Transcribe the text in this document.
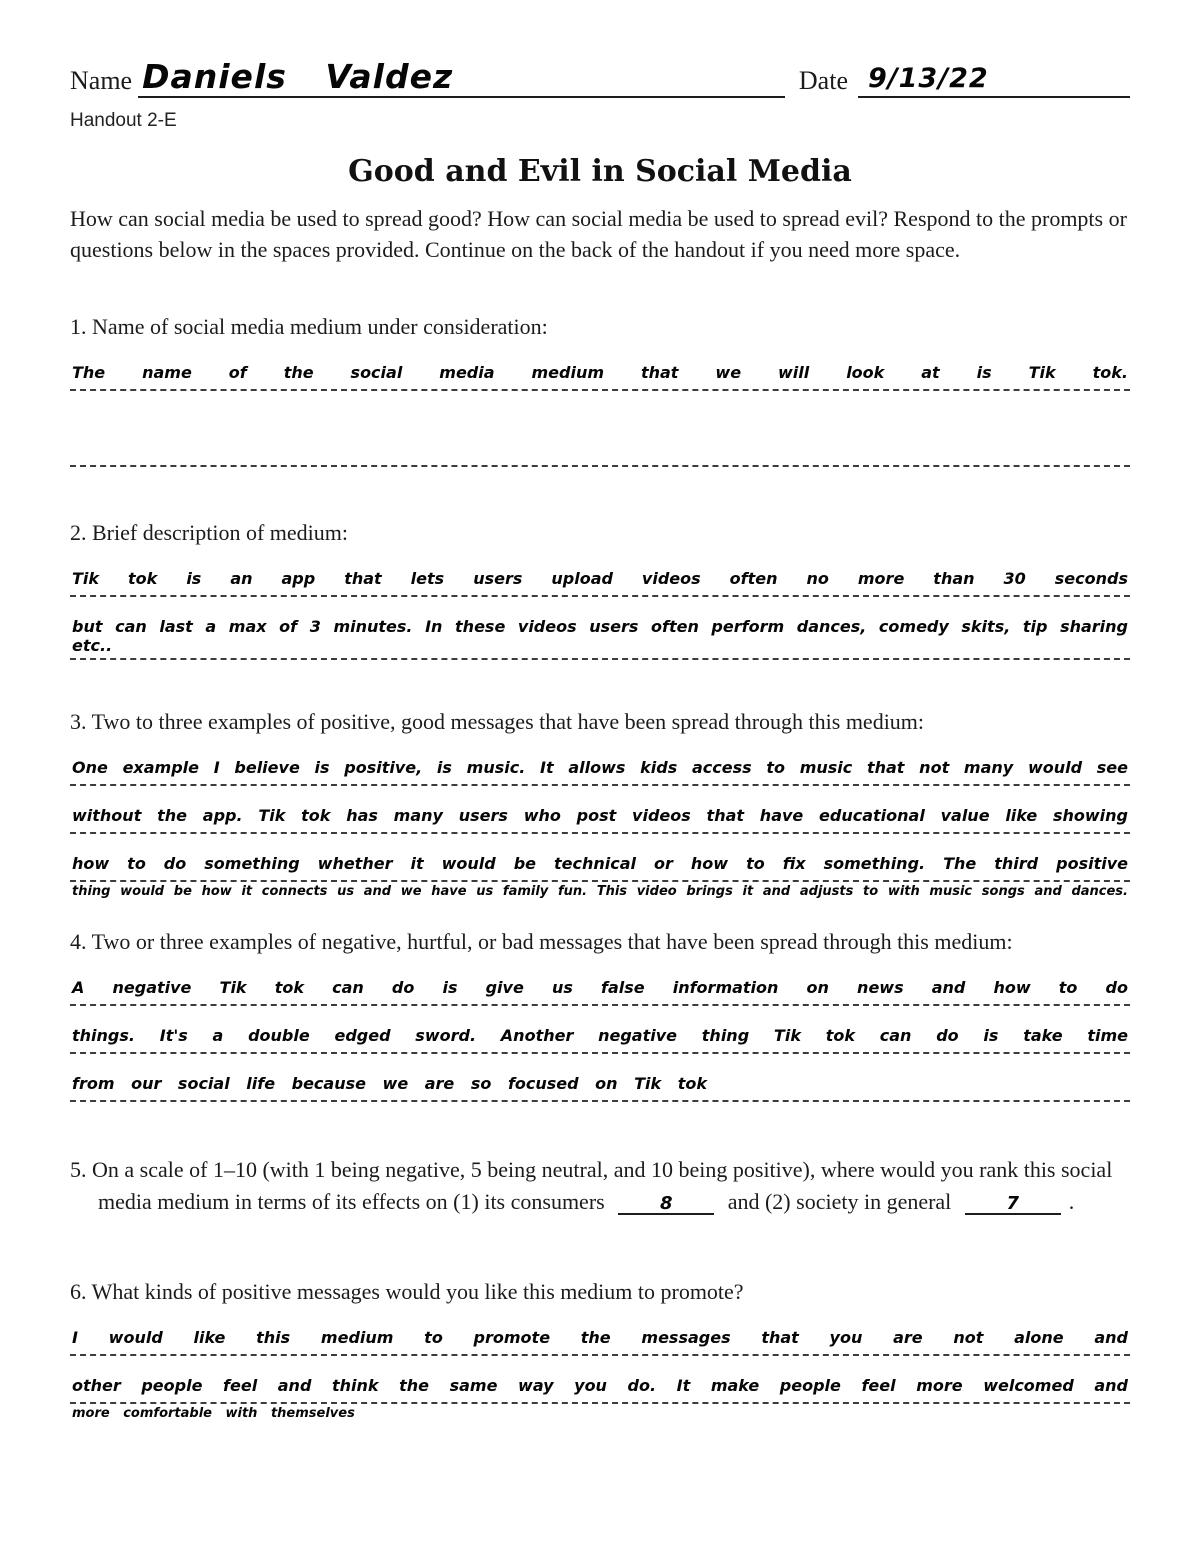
Name Daniels Valdez	Date 9/13/22
Handout 2-E
Good and Evil in Social Media

How can social media be used to spread good? How can social media be used to spread evil? Respond to the prompts or questions below in the spaces provided. Continue on the back of the handout if you need more space.

1. Name of social media medium under consideration:

The name of the social media medium that we will look at is Tik tok.

2. Brief description of medium:

Tik tok is an app that lets users upload videos often no more than 30 seconds
but can last a max of 3 minutes. In these videos users often perform dances, comedy skits, tip sharing etc..

3. Two to three examples of positive, good messages that have been spread through this medium:

One example I believe is positive, is music. It allows kids access to music that not many would see
without the app. Tik tok has many users who post videos that have educational value like showing
how to do something whether it would be technical or how to fix something. The third positive
thing would be how it connects us and we have us family fun. This video brings it and adjusts to with music songs and dances.

4. Two or three examples of negative, hurtful, or bad messages that have been spread through this medium:

A negative Tik tok can do is give us false information on news and how to do
things. It's a double edged sword. Another negative thing Tik tok can do is take time
from our social life because we are so focused on Tik tok

5. On a scale of 1–10 (with 1 being negative, 5 being neutral, and 10 being positive), where would you rank this social media medium in terms of its effects on (1) its consumers	8	and (2) society in general	7 .

6. What kinds of positive messages would you like this medium to promote?

I would like this medium to promote the messages that you are not alone and
other people feel and think the same way you do. It make people feel more welcomed and
more comfortable with themselves
